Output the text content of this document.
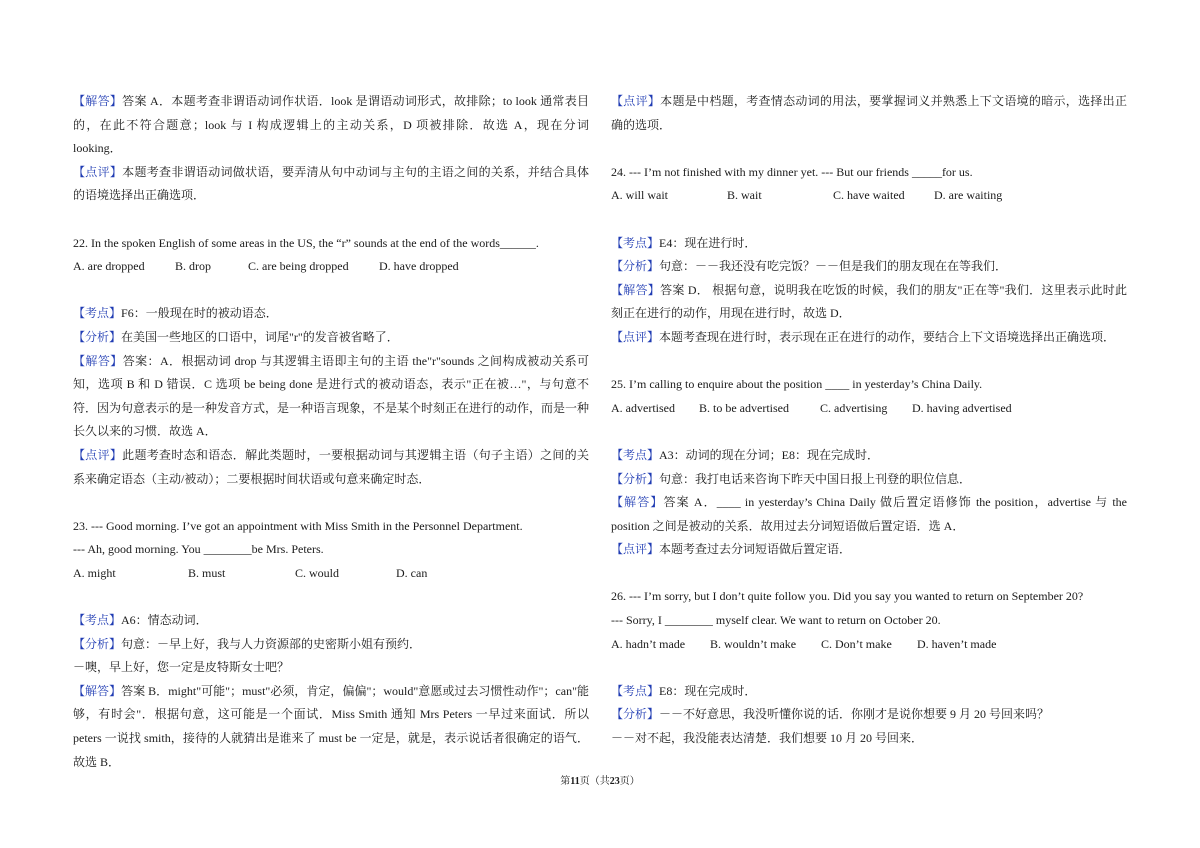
【解答】答案 A．本题考查非谓语动词作状语．look 是谓语动词形式，故排除；to look 通常表目的，在此不符合题意；look 与 I 构成逻辑上的主动关系，D 项被排除．故选 A，现在分词 looking．

【点评】本题考查非谓语动词做状语，要弄清从句中动词与主句的主语之间的关系，并结合具体的语境选择出正确选项．

22. In the spoken English of some areas in the US, the “r” sounds at the end of the words______.

A. are dropped	B. drop	C. are being dropped	D. have dropped

【考点】F6：一般现在时的被动语态．

【分析】在美国一些地区的口语中，词尾"r"的发音被省略了．

【解答】答案：A．根据动词 drop 与其逻辑主语即主句的主语 the"r"sounds 之间构成被动关系可知，选项 B 和 D 错误．C 选项 be being done 是进行式的被动语态，表示"正在被…"，与句意不符．因为句意表示的是一种发音方式，是一种语言现象，不是某个时刻正在进行的动作，而是一种长久以来的习惯．故选 A．

【点评】此题考查时态和语态．解此类题时，一要根据动词与其逻辑主语（句子主语）之间的关系来确定语态（主动/被动）；二要根据时间状语或句意来确定时态．

23. --- Good morning. I’ve got an appointment with Miss Smith in the Personnel Department.

--- Ah, good morning. You ________be Mrs. Peters.

A. might	B. must	C. would	D. can

【考点】A6：情态动词．

【分析】句意：－早上好，我与人力资源部的史密斯小姐有预约．

－噢，早上好，您一定是皮特斯女士吧？

【解答】答案 B．might"可能"；must"必须，肯定，偏偏"；would"意愿或过去习惯性动作"；can"能够，有时会"．根据句意，这可能是一个面试．Miss Smith 通知 Mrs Peters 一早过来面试．所以 peters 一说找 smith，接待的人就猜出是谁来了 must be 一定是，就是，表示说话者很确定的语气．故选 B．

【点评】本题是中档题，考查情态动词的用法，要掌握词义并熟悉上下文语境的暗示，选择出正确的选项．

24. --- I’m not finished with my dinner yet. --- But our friends _____for us.

A. will wait	B. wait	C. have waited	D. are waiting

【考点】E4：现在进行时．

【分析】句意：－－我还没有吃完饭？－－但是我们的朋友现在在等我们．

【解答】答案 D． 根据句意，说明我在吃饭的时候，我们的朋友"正在等"我们．这里表示此时此刻正在进行的动作，用现在进行时，故选 D．

【点评】本题考查现在进行时，表示现在正在进行的动作，要结合上下文语境选择出正确选项．

25. I’m calling to enquire about the position ____ in yesterday’s China Daily.

A. advertised	B. to be advertised	C. advertising	D. having advertised

【考点】A3：动词的现在分词；E8：现在完成时．

【分析】句意：我打电话来咨询下昨天中国日报上刊登的职位信息．

【解答】答案 A．____ in yesterday’s China Daily 做后置定语修饰 the position，advertise 与 the position 之间是被动的关系．故用过去分词短语做后置定语．选 A．

【点评】本题考查过去分词短语做后置定语．

26. --- I’m sorry, but I don’t quite follow you. Did you say you wanted to return on September 20?

--- Sorry, I ________ myself clear. We want to return on October 20.

A. hadn’t made	B. wouldn’t make	C. Don’t make	D. haven’t made

【考点】E8：现在完成时．

【分析】－－不好意思，我没听懂你说的话．你刚才是说你想要 9 月 20 号回来吗？

－－对不起，我没能表达清楚．我们想要 10 月 20 号回来．

第11页（共23页）
